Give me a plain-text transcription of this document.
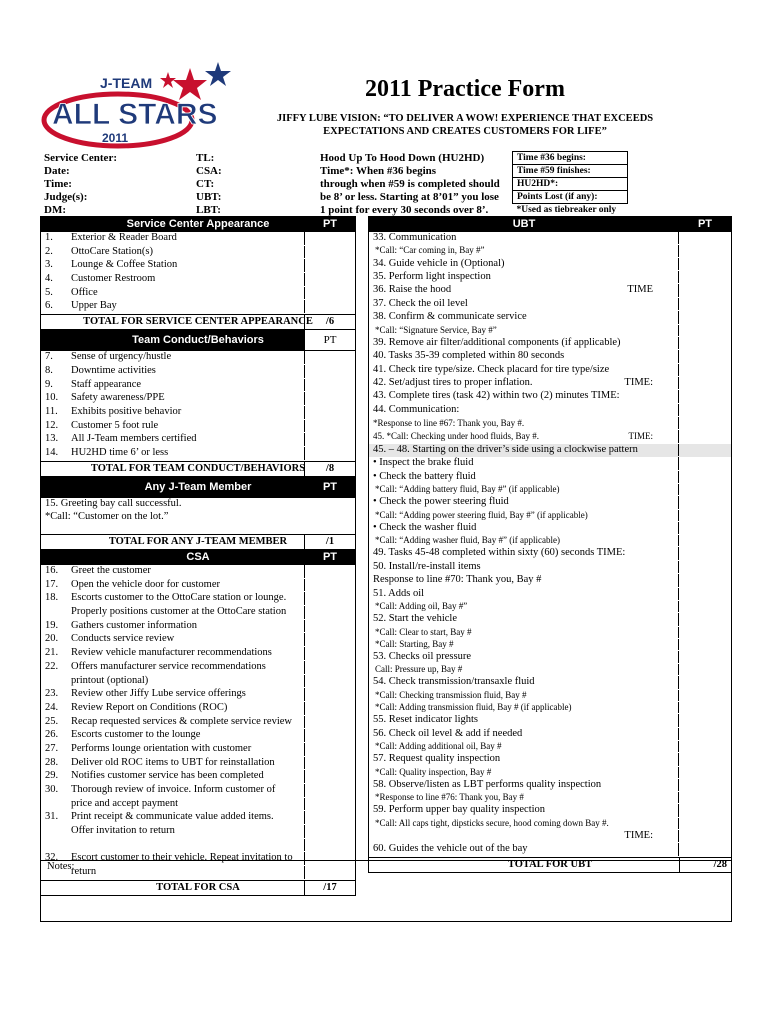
J-TEAM
ALL STARS
2011
2011 Practice Form
JIFFY LUBE VISION: “TO DELIVER A WOW! EXPERIENCE THAT EXCEEDS EXPECTATIONS AND CREATES CUSTOMERS FOR LIFE”
Service Center:	TL:	Hood Up To Hood Down (HU2HD)	Time #36 begins:	
Date:	CSA:	Time*: When #36 begins	Time #59 finishes:	
Time:	CT:	through when #59 is completed should	HU2HD*:	
Judge(s):	UBT:	be 8’ or less. Starting at 8’01” you lose	Points Lost (if any):	
DM:	LBT:	1 point for every 30 seconds over 8’.	*Used as tiebreaker only	
Service Center Appearance	PT
1. Exterior & Reader Board

2. OttoCare Station(s)

3. Lounge & Coffee Station

4. Customer Restroom

5. Office

6. Upper Bay

TOTAL FOR SERVICE CENTER APPEARANCE	/6
Team Conduct/Behaviors	PT
7. Sense of urgency/hustle

8. Downtime activities

9. Staff appearance

10. Safety awareness/PPE

11. Exhibits positive behavior

12. Customer 5 foot rule

13. All J-Team members certified

14. HU2HD time 6’ or less

TOTAL FOR TEAM CONDUCT/BEHAVIORS	/8
Any J-Team Member	PT
15. Greeting bay call successful.
*Call: “Customer on the lot.”
TOTAL FOR ANY J-TEAM MEMBER	/1
CSA	PT
16. Greet the customer

17. Open the vehicle door for customer

18. Escorts customer to the OttoCare station or lounge.

Properly positions customer at the OttoCare station

19. Gathers customer information

20. Conducts service review

21. Review vehicle manufacturer recommendations

22. Offers manufacturer service recommendations

printout (optional)

23. Review other Jiffy Lube service offerings

24. Review Report on Conditions (ROC)

25. Recap requested services & complete service review

26. Escorts customer to the lounge

27. Performs lounge orientation with customer

28. Deliver old ROC items to UBT for reinstallation

29. Notifies customer service has been completed

30. Thorough review of invoice. Inform customer of

price and accept payment

31. Print receipt & communicate value added items.

Offer invitation to return

32. Escort customer to their vehicle. Repeat invitation to

return

TOTAL FOR CSA	/17
UBT	PT
33. Communication

*Call: “Car coming in, Bay #”

34. Guide vehicle in (Optional)

35. Perform light inspection

36. Raise the hood	TIME

37. Check the oil level

38. Confirm & communicate service

*Call: “Signature Service, Bay #”

39. Remove air filter/additional components (if applicable)

40. Tasks 35-39 completed within 80 seconds

41. Check tire type/size. Check placard for tire type/size

42. Set/adjust tires to proper inflation.	TIME:

43. Complete tires (task 42) within two (2) minutes TIME:

44. Communication:

*Response to line #67: Thank you, Bay #.

45. *Call: Checking under hood fluids, Bay #.	TIME:

45. – 48. Starting on the driver’s side using a clockwise pattern

• Inspect the brake fluid

• Check the battery fluid

*Call: “Adding battery fluid, Bay #” (if applicable)

• Check the power steering fluid

*Call: “Adding power steering fluid, Bay #” (if applicable)

• Check the washer fluid

*Call: “Adding washer fluid, Bay #” (if applicable)

49. Tasks 45-48 completed within sixty (60) seconds TIME:

50. Install/re-install items

Response to line #70: Thank you, Bay #

51. Adds oil

*Call: Adding oil, Bay #”

52. Start the vehicle

*Call: Clear to start, Bay #

*Call: Starting, Bay #

53. Checks oil pressure

Call: Pressure up, Bay #

54. Check transmission/transaxle fluid

*Call: Checking transmission fluid, Bay #

*Call: Adding transmission fluid, Bay # (if applicable)

55. Reset indicator lights

56. Check oil level & add if needed

*Call: Adding additional oil, Bay #

57. Request quality inspection

*Call: Quality inspection, Bay #

58. Observe/listen as LBT performs quality inspection

*Response to line #76: Thank you, Bay #

59. Perform upper bay quality inspection

*Call: All caps tight, dipsticks secure, hood coming down Bay #.

TIME:

60. Guides the vehicle out of the bay

TOTAL FOR UBT	/28
Notes:
